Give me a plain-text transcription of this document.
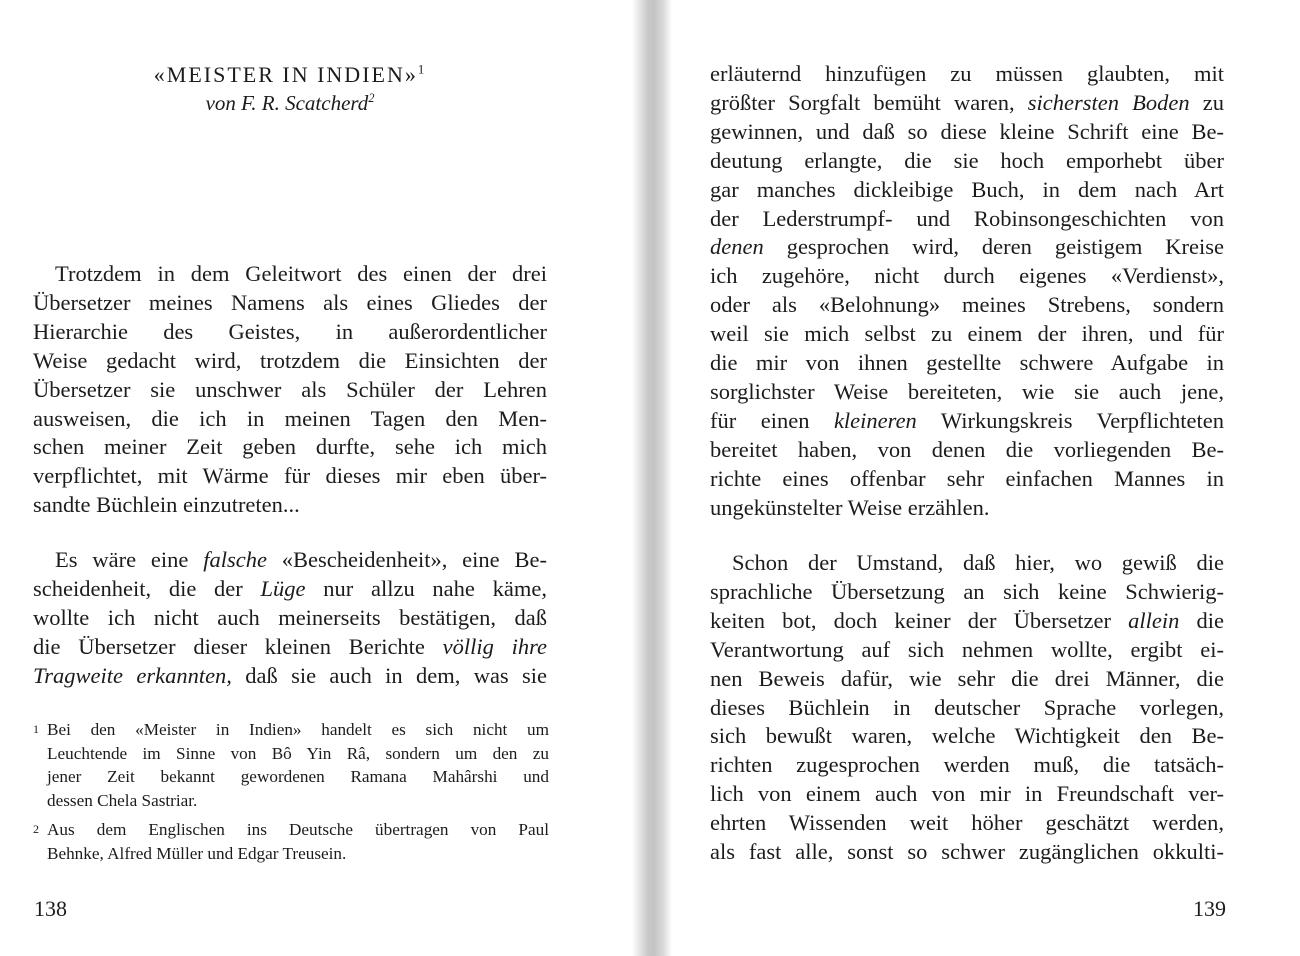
«MEISTER IN INDIEN»$^1$
von F. R. Scatcherd$^2$

Trotzdem in dem Geleitwort des einen der drei
Übersetzer meines Namens als eines Gliedes der
Hierarchie des Geistes, in außerordentlicher
Weise gedacht wird, trotzdem die Einsichten der
Übersetzer sie unschwer als Schüler der Lehren
ausweisen, die ich in meinen Tagen den Men-
schen meiner Zeit geben durfte, sehe ich mich
verpflichtet, mit Wärme für dieses mir eben über-
sandte Büchlein einzutreten...

Es wäre eine falsche «Bescheidenheit», eine Be-
scheidenheit, die der Lüge nur allzu nahe käme,
wollte ich nicht auch meinerseits bestätigen, daß
die Übersetzer dieser kleinen Berichte völlig ihre
Tragweite erkannten, daß sie auch in dem, was sie

1 Bei den «Meister in Indien» handelt es sich nicht um
Leuchtende im Sinne von Bô Yin Râ, sondern um den zu
jener Zeit bekannt gewordenen Ramana Mahârshi und
dessen Chela Sastriar.

2 Aus dem Englischen ins Deutsche übertragen von Paul
Behnke, Alfred Müller und Edgar Treusein.

138

erläuternd hinzufügen zu müssen glaubten, mit
größter Sorgfalt bemüht waren, sichersten Boden zu
gewinnen, und daß so diese kleine Schrift eine Be-
deutung erlangte, die sie hoch emporhebt über
gar manches dickleibige Buch, in dem nach Art
der Lederstrumpf- und Robinsongeschichten von
denen gesprochen wird, deren geistigem Kreise
ich zugehöre, nicht durch eigenes «Verdienst»,
oder als «Belohnung» meines Strebens, sondern
weil sie mich selbst zu einem der ihren, und für
die mir von ihnen gestellte schwere Aufgabe in
sorglichster Weise bereiteten, wie sie auch jene,
für einen kleineren Wirkungskreis Verpflichteten
bereitet haben, von denen die vorliegenden Be-
richte eines offenbar sehr einfachen Mannes in
ungekünstelter Weise erzählen.

Schon der Umstand, daß hier, wo gewiß die
sprachliche Übersetzung an sich keine Schwierig-
keiten bot, doch keiner der Übersetzer allein die
Verantwortung auf sich nehmen wollte, ergibt ei-
nen Beweis dafür, wie sehr die drei Männer, die
dieses Büchlein in deutscher Sprache vorlegen,
sich bewußt waren, welche Wichtigkeit den Be-
richten zugesprochen werden muß, die tatsäch-
lich von einem auch von mir in Freundschaft ver-
ehrten Wissenden weit höher geschätzt werden,
als fast alle, sonst so schwer zugänglichen okkulti-

139
